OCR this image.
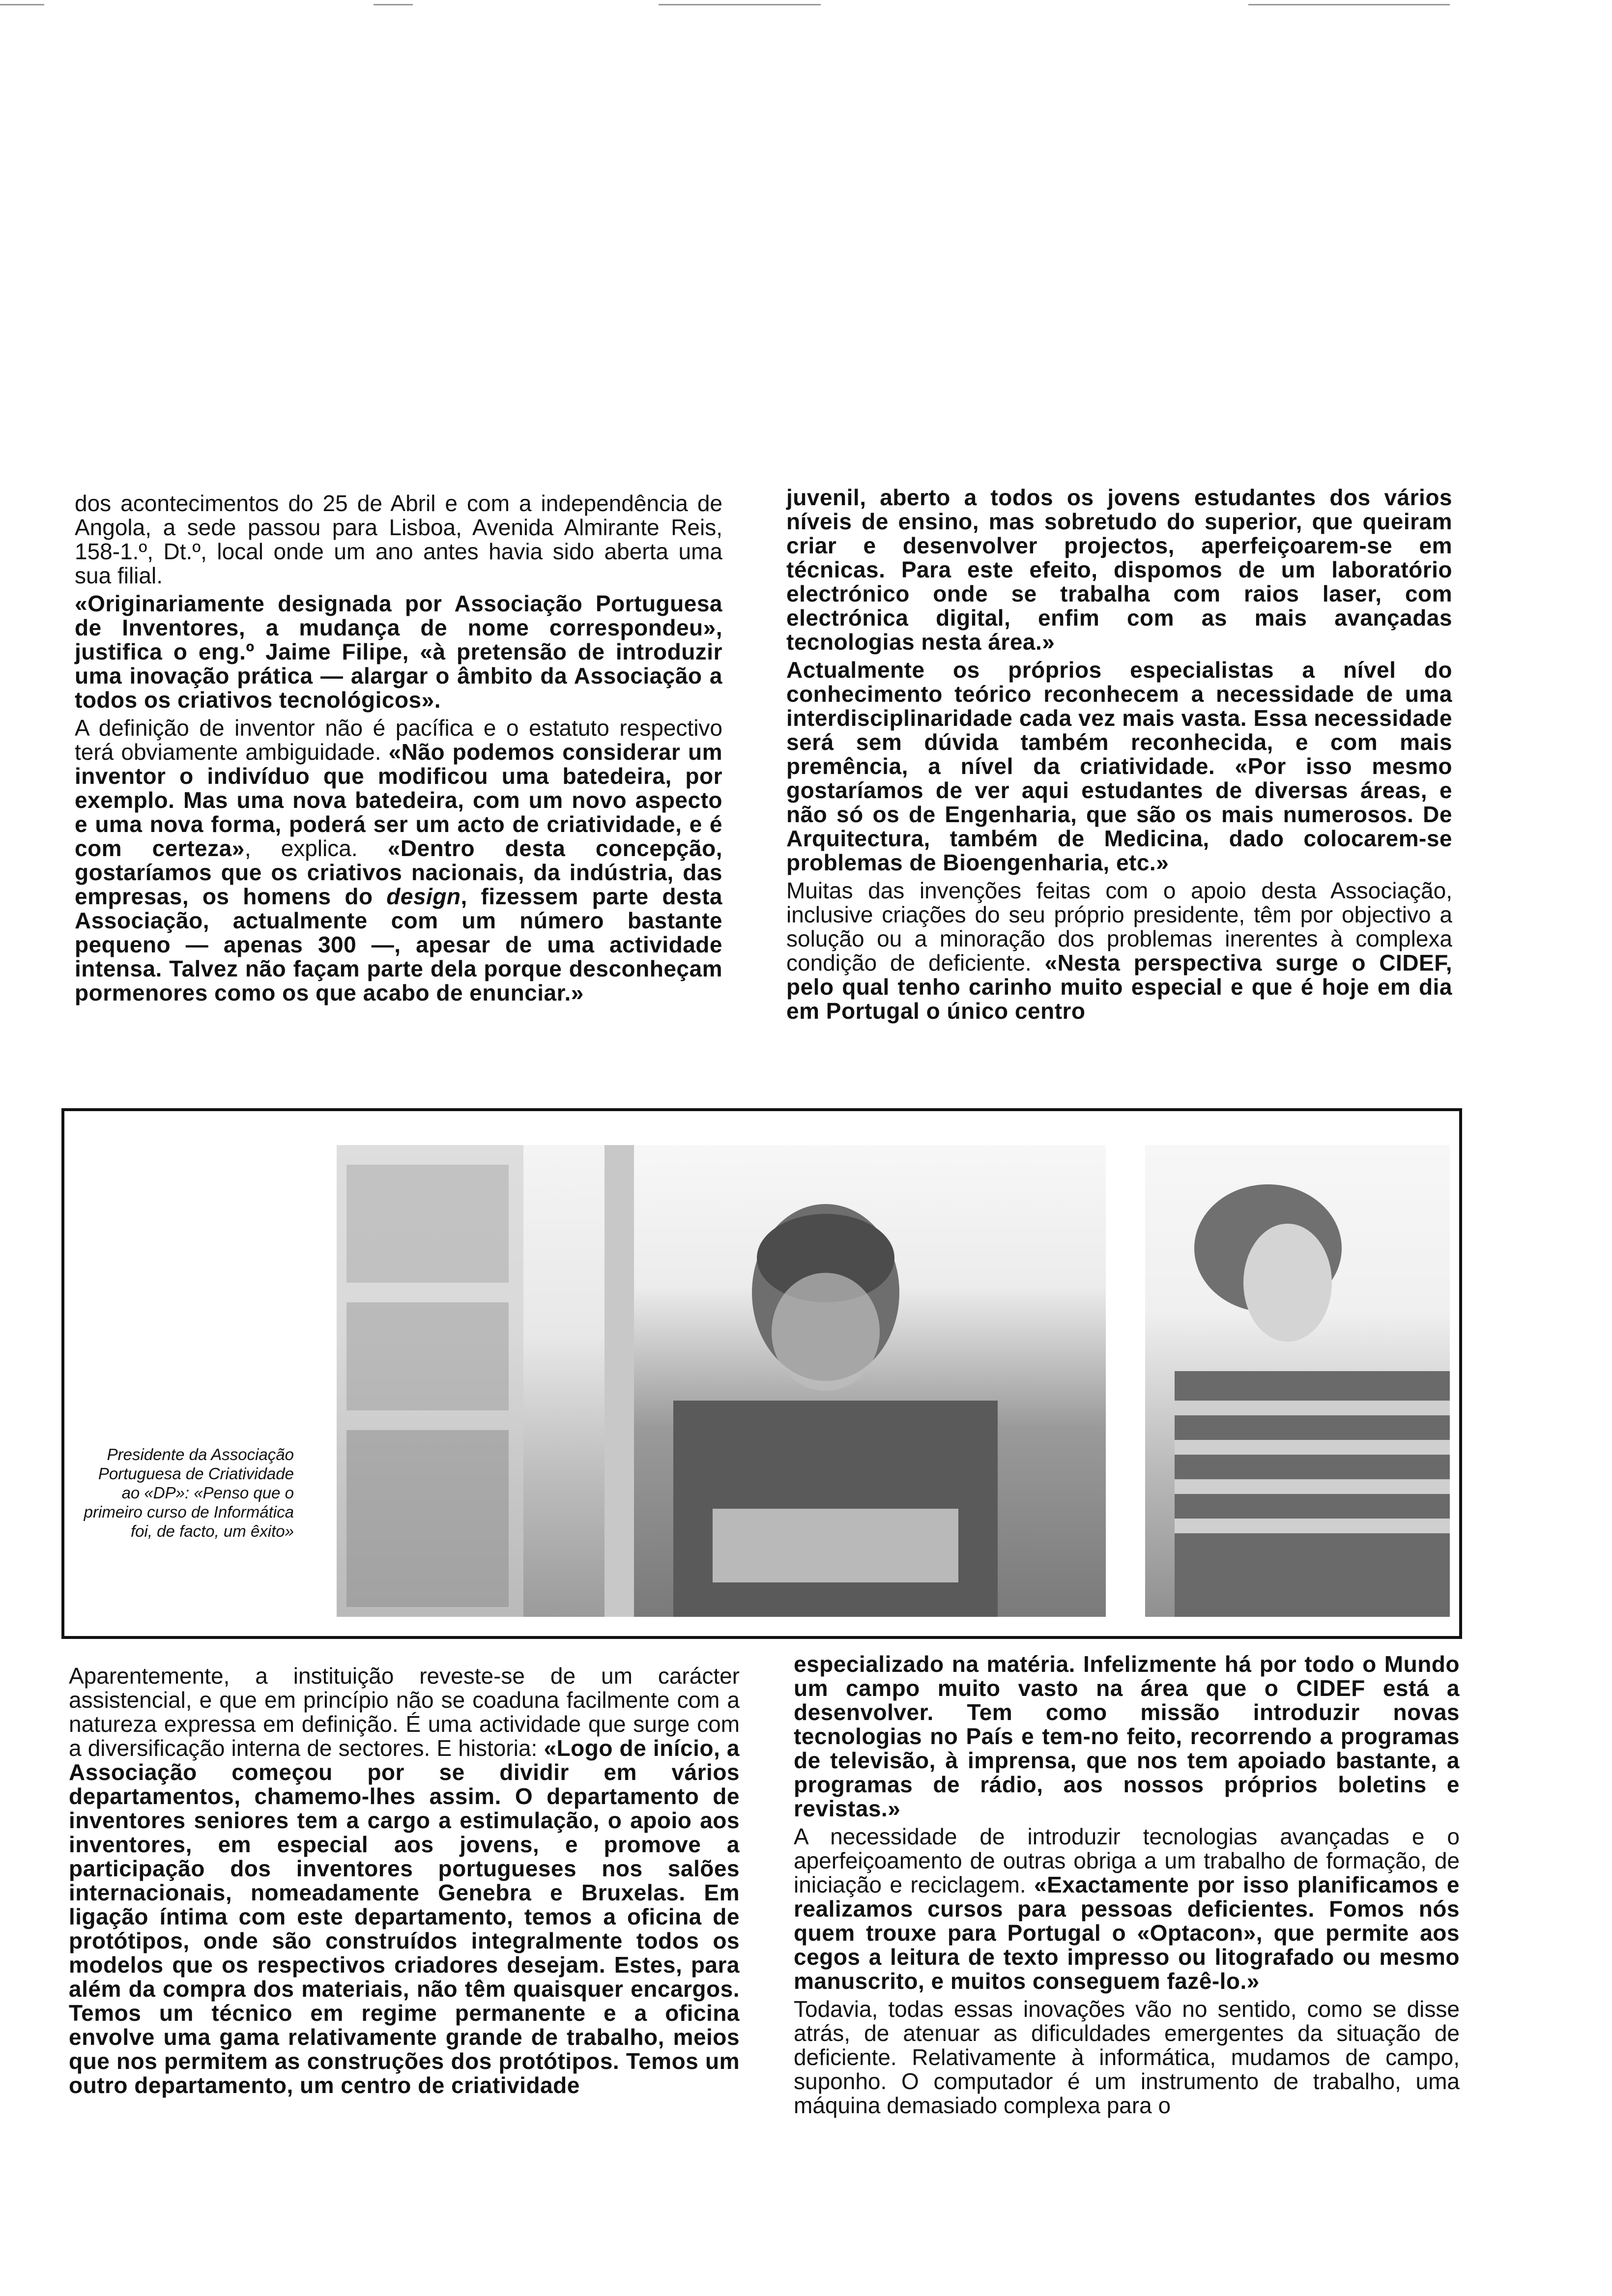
dos acontecimentos do 25 de Abril e com a independência de Angola, a sede passou para Lisboa, Avenida Almirante Reis, 158-1.º, Dt.º, local onde um ano antes havia sido aberta uma sua filial.

«Originariamente designada por Associação Portuguesa de Inventores, a mudança de nome correspondeu», justifica o eng.º Jaime Filipe, «à pretensão de introduzir uma inovação prática — alargar o âmbito da Associação a todos os criativos tecnológicos».

A definição de inventor não é pacífica e o estatuto respectivo terá obviamente ambiguidade. «Não podemos considerar um inventor o indivíduo que modificou uma batedeira, por exemplo. Mas uma nova batedeira, com um novo aspecto e uma nova forma, poderá ser um acto de criatividade, e é com certeza», explica. «Dentro desta concepção, gostaríamos que os criativos nacionais, da indústria, das empresas, os homens do design, fizessem parte desta Associação, actualmente com um número bastante pequeno — apenas 300 —, apesar de uma actividade intensa. Talvez não façam parte dela porque desconheçam pormenores como os que acabo de enunciar.»

juvenil, aberto a todos os jovens estudantes dos vários níveis de ensino, mas sobretudo do superior, que queiram criar e desenvolver projectos, aperfeiçoarem-se em técnicas. Para este efeito, dispomos de um laboratório electrónico onde se trabalha com raios laser, com electrónica digital, enfim com as mais avançadas tecnologias nesta área.»

Actualmente os próprios especialistas a nível do conhecimento teórico reconhecem a necessidade de uma interdisciplinaridade cada vez mais vasta. Essa necessidade será sem dúvida também reconhecida, e com mais premência, a nível da criatividade. «Por isso mesmo gostaríamos de ver aqui estudantes de diversas áreas, e não só os de Engenharia, que são os mais numerosos. De Arquitectura, também de Medicina, dado colocarem-se problemas de Bioengenharia, etc.»

Muitas das invenções feitas com o apoio desta Associação, inclusive criações do seu próprio presidente, têm por objectivo a solução ou a minoração dos problemas inerentes à complexa condição de deficiente. «Nesta perspectiva surge o CIDEF, pelo qual tenho carinho muito especial e que é hoje em dia em Portugal o único centro

Presidente da Associação Portuguesa de Criatividade ao «DP»: «Penso que o primeiro curso de Informática foi, de facto, um êxito»

Aparentemente, a instituição reveste-se de um carácter assistencial, e que em princípio não se coaduna facilmente com a natureza expressa em definição. É uma actividade que surge com a diversificação interna de sectores. E historia: «Logo de início, a Associação começou por se dividir em vários departamentos, chamemo-lhes assim. O departamento de inventores seniores tem a cargo a estimulação, o apoio aos inventores, em especial aos jovens, e promove a participação dos inventores portugueses nos salões internacionais, nomeadamente Genebra e Bruxelas. Em ligação íntima com este departamento, temos a oficina de protótipos, onde são construídos integralmente todos os modelos que os respectivos criadores desejam. Estes, para além da compra dos materiais, não têm quaisquer encargos. Temos um técnico em regime permanente e a oficina envolve uma gama relativamente grande de trabalho, meios que nos permitem as construções dos protótipos. Temos um outro departamento, um centro de criatividade

especializado na matéria. Infelizmente há por todo o Mundo um campo muito vasto na área que o CIDEF está a desenvolver. Tem como missão introduzir novas tecnologias no País e tem-no feito, recorrendo a programas de televisão, à imprensa, que nos tem apoiado bastante, a programas de rádio, aos nossos próprios boletins e revistas.»

A necessidade de introduzir tecnologias avançadas e o aperfeiçoamento de outras obriga a um trabalho de formação, de iniciação e reciclagem. «Exactamente por isso planificamos e realizamos cursos para pessoas deficientes. Fomos nós quem trouxe para Portugal o «Optacon», que permite aos cegos a leitura de texto impresso ou litografado ou mesmo manuscrito, e muitos conseguem fazê-lo.»

Todavia, todas essas inovações vão no sentido, como se disse atrás, de atenuar as dificuldades emergentes da situação de deficiente. Relativamente à informática, mudamos de campo, suponho. O computador é um instrumento de trabalho, uma máquina demasiado complexa para o
